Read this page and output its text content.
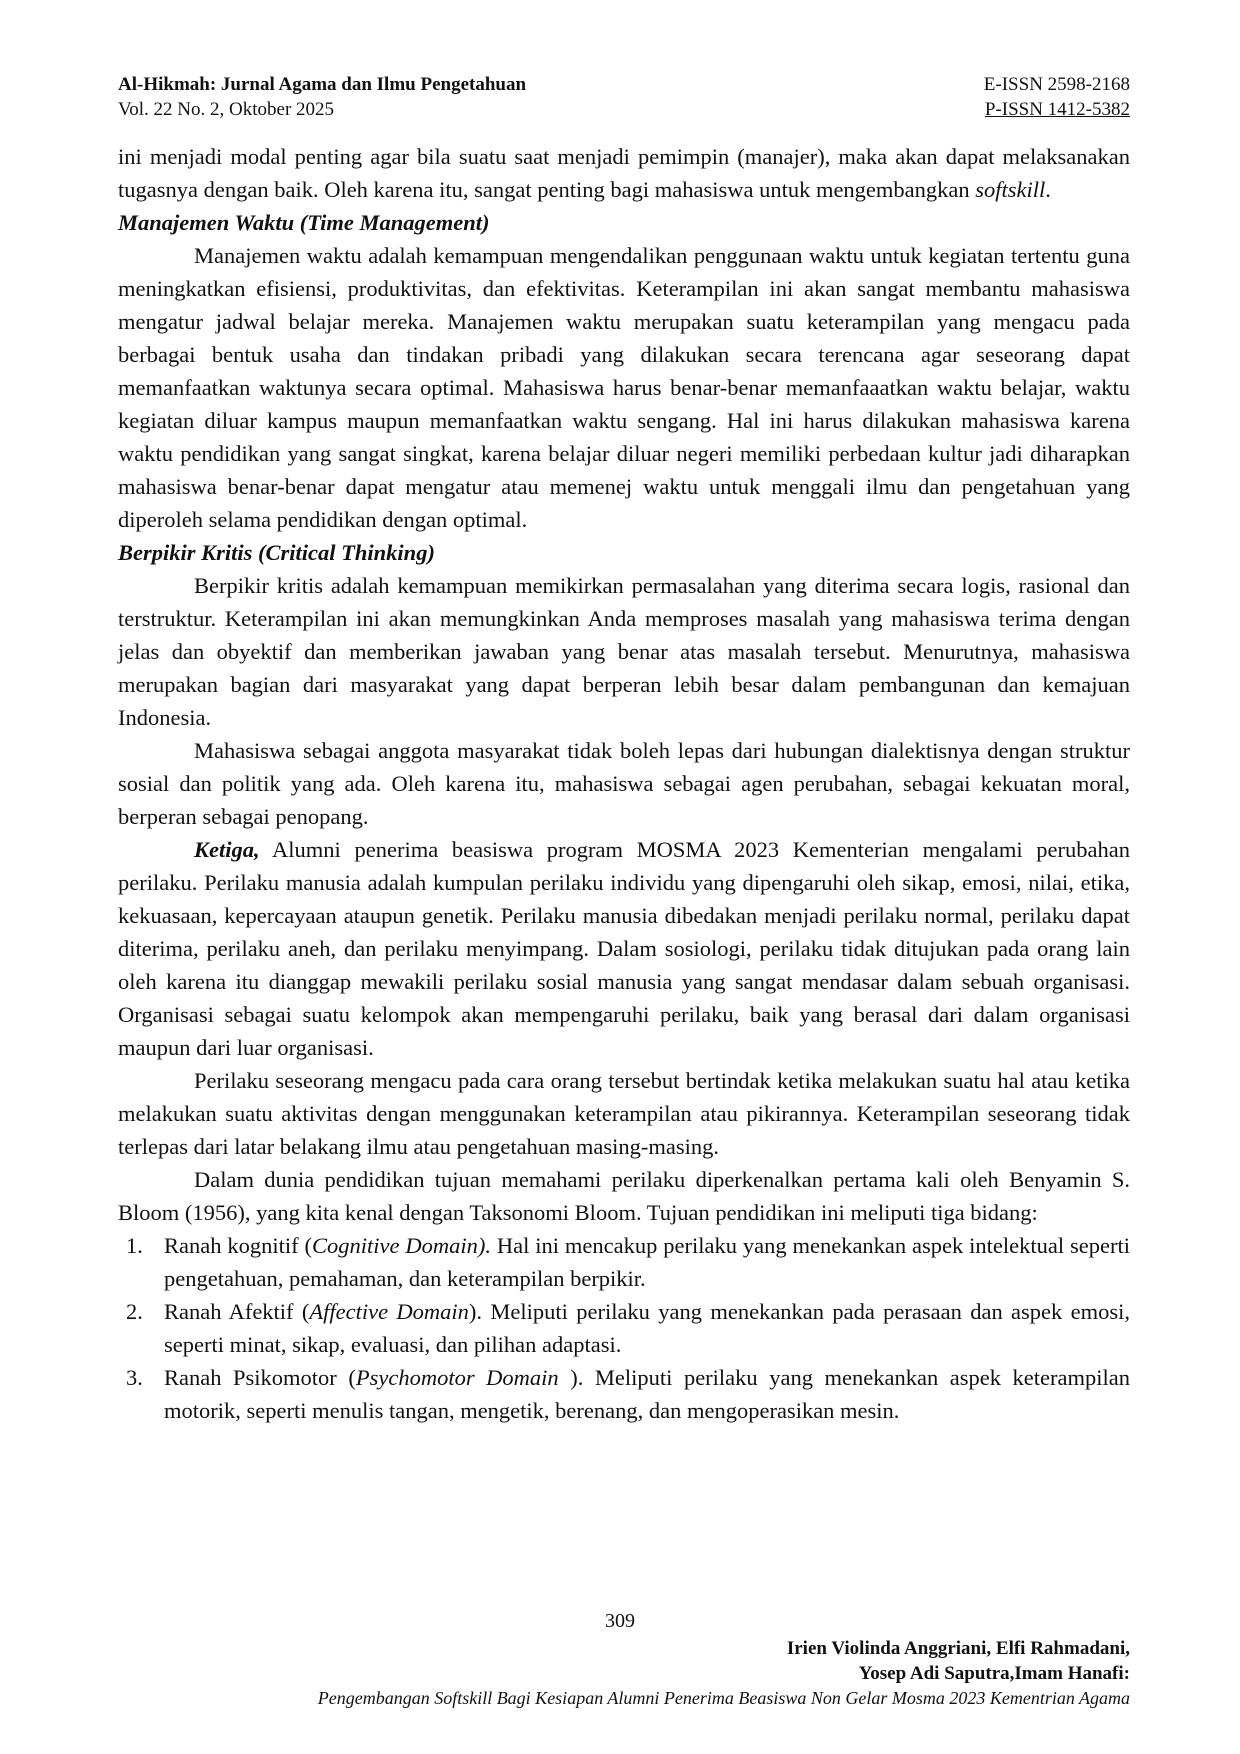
Al-Hikmah: Jurnal Agama dan Ilmu Pengetahuan
Vol. 22 No. 2, Oktober 2025
E-ISSN 2598-2168
P-ISSN 1412-5382

ini menjadi modal penting agar bila suatu saat menjadi pemimpin (manajer), maka akan dapat melaksanakan tugasnya dengan baik. Oleh karena itu, sangat penting bagi mahasiswa untuk mengembangkan softskill.

Manajemen Waktu (Time Management)

Manajemen waktu adalah kemampuan mengendalikan penggunaan waktu untuk kegiatan tertentu guna meningkatkan efisiensi, produktivitas, dan efektivitas. Keterampilan ini akan sangat membantu mahasiswa mengatur jadwal belajar mereka. Manajemen waktu merupakan suatu keterampilan yang mengacu pada berbagai bentuk usaha dan tindakan pribadi yang dilakukan secara terencana agar seseorang dapat memanfaatkan waktunya secara optimal. Mahasiswa harus benar-benar memanfaaatkan waktu belajar, waktu kegiatan diluar kampus maupun memanfaatkan waktu sengang. Hal ini harus dilakukan mahasiswa karena waktu pendidikan yang sangat singkat, karena belajar diluar negeri memiliki perbedaan kultur jadi diharapkan mahasiswa benar-benar dapat mengatur atau memenej waktu untuk menggali ilmu dan pengetahuan yang diperoleh selama pendidikan dengan optimal.

Berpikir Kritis (Critical Thinking)

Berpikir kritis adalah kemampuan memikirkan permasalahan yang diterima secara logis, rasional dan terstruktur. Keterampilan ini akan memungkinkan Anda memproses masalah yang mahasiswa terima dengan jelas dan obyektif dan memberikan jawaban yang benar atas masalah tersebut. Menurutnya, mahasiswa merupakan bagian dari masyarakat yang dapat berperan lebih besar dalam pembangunan dan kemajuan Indonesia.

Mahasiswa sebagai anggota masyarakat tidak boleh lepas dari hubungan dialektisnya dengan struktur sosial dan politik yang ada. Oleh karena itu, mahasiswa sebagai agen perubahan, sebagai kekuatan moral, berperan sebagai penopang.

Ketiga, Alumni penerima beasiswa program MOSMA 2023 Kementerian mengalami perubahan perilaku. Perilaku manusia adalah kumpulan perilaku individu yang dipengaruhi oleh sikap, emosi, nilai, etika, kekuasaan, kepercayaan ataupun genetik. Perilaku manusia dibedakan menjadi perilaku normal, perilaku dapat diterima, perilaku aneh, dan perilaku menyimpang. Dalam sosiologi, perilaku tidak ditujukan pada orang lain oleh karena itu dianggap mewakili perilaku sosial manusia yang sangat mendasar dalam sebuah organisasi. Organisasi sebagai suatu kelompok akan mempengaruhi perilaku, baik yang berasal dari dalam organisasi maupun dari luar organisasi.

Perilaku seseorang mengacu pada cara orang tersebut bertindak ketika melakukan suatu hal atau ketika melakukan suatu aktivitas dengan menggunakan keterampilan atau pikirannya. Keterampilan seseorang tidak terlepas dari latar belakang ilmu atau pengetahuan masing-masing.

Dalam dunia pendidikan tujuan memahami perilaku diperkenalkan pertama kali oleh Benyamin S. Bloom (1956), yang kita kenal dengan Taksonomi Bloom. Tujuan pendidikan ini meliputi tiga bidang:

1. Ranah kognitif (Cognitive Domain). Hal ini mencakup perilaku yang menekankan aspek intelektual seperti pengetahuan, pemahaman, dan keterampilan berpikir.
2. Ranah Afektif (Affective Domain). Meliputi perilaku yang menekankan pada perasaan dan aspek emosi, seperti minat, sikap, evaluasi, dan pilihan adaptasi.
3. Ranah Psikomotor (Psychomotor Domain ). Meliputi perilaku yang menekankan aspek keterampilan motorik, seperti menulis tangan, mengetik, berenang, dan mengoperasikan mesin.
309
Irien Violinda Anggriani, Elfi Rahmadani,
Yosep Adi Saputra,Imam Hanafi:
Pengembangan Softskill Bagi Kesiapan Alumni Penerima Beasiswa Non Gelar Mosma 2023 Kementrian Agama
